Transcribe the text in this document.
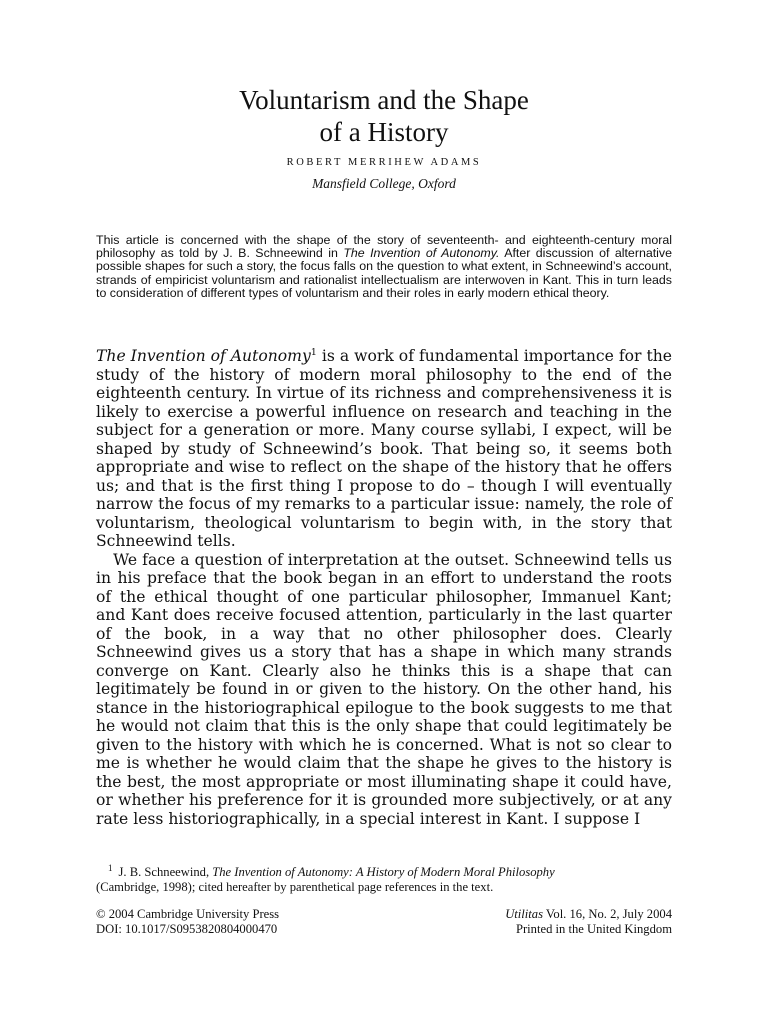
Voluntarism and the Shape
of a History
ROBERT MERRIHEW ADAMS
Mansfield College, Oxford
This article is concerned with the shape of the story of seventeenth- and eighteenth-century moral philosophy as told by J. B. Schneewind in The Invention of Autonomy. After discussion of alternative possible shapes for such a story, the focus falls on the question to what extent, in Schneewind’s account, strands of empiricist voluntarism and rationalist intellectualism are interwoven in Kant. This in turn leads to consideration of different types of voluntarism and their roles in early modern ethical theory.

The Invention of Autonomy$^1$ is a work of fundamental importance for the study of the history of modern moral philosophy to the end of the eighteenth century. In virtue of its richness and comprehensiveness it is likely to exercise a powerful influence on research and teaching in the subject for a generation or more. Many course syllabi, I expect, will be shaped by study of Schneewind’s book. That being so, it seems both appropriate and wise to reflect on the shape of the history that he offers us; and that is the first thing I propose to do – though I will eventually narrow the focus of my remarks to a particular issue: namely, the role of voluntarism, theological voluntarism to begin with, in the story that Schneewind tells.

We face a question of interpretation at the outset. Schneewind tells us in his preface that the book began in an effort to understand the roots of the ethical thought of one particular philosopher, Immanuel Kant; and Kant does receive focused attention, particularly in the last quarter of the book, in a way that no other philosopher does. Clearly Schneewind gives us a story that has a shape in which many strands converge on Kant. Clearly also he thinks this is a shape that can legitimately be found in or given to the history. On the other hand, his stance in the historiographical epilogue to the book suggests to me that he would not claim that this is the only shape that could legitimately be given to the history with which he is concerned. What is not so clear to me is whether he would claim that the shape he gives to the history is the best, the most appropriate or most illuminating shape it could have, or whether his preference for it is grounded more subjectively, or at any rate less historiographically, in a special interest in Kant. I suppose I

$^1$ J. B. Schneewind, The Invention of Autonomy: A History of Modern Moral Philosophy
(Cambridge, 1998); cited hereafter by parenthetical page references in the text.
© 2004 Cambridge University Press
DOI: 10.1017/S0953820804000470
Utilitas Vol. 16, No. 2, July 2004
Printed in the United Kingdom
